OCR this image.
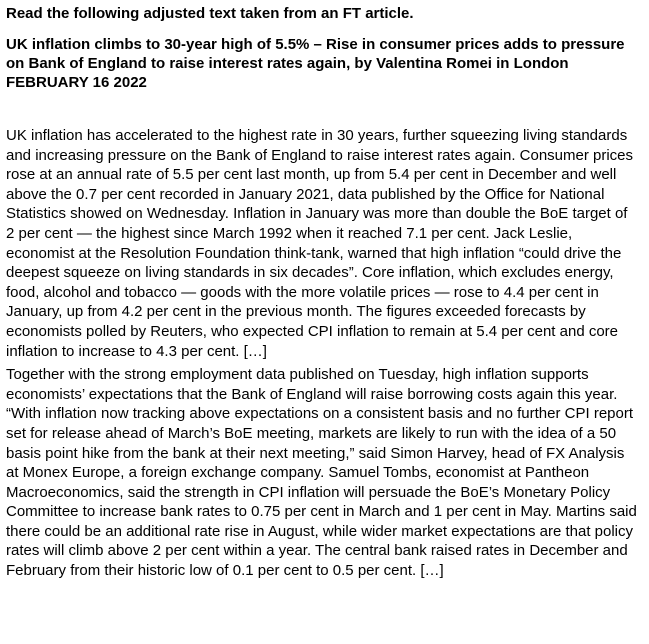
Read the following adjusted text taken from an FT article.

UK inflation climbs to 30-year high of 5.5% – Rise in consumer prices adds to pressure on Bank of England to raise interest rates again, by Valentina Romei in London FEBRUARY 16 2022

UK inflation has accelerated to the highest rate in 30 years, further squeezing living standards and increasing pressure on the Bank of England to raise interest rates again. Consumer prices rose at an annual rate of 5.5 per cent last month, up from 5.4 per cent in December and well above the 0.7 per cent recorded in January 2021, data published by the Office for National Statistics showed on Wednesday. Inflation in January was more than double the BoE target of 2 per cent — the highest since March 1992 when it reached 7.1 per cent. Jack Leslie, economist at the Resolution Foundation think-tank, warned that high inflation “could drive the deepest squeeze on living standards in six decades”. Core inflation, which excludes energy, food, alcohol and tobacco — goods with the more volatile prices — rose to 4.4 per cent in January, up from 4.2 per cent in the previous month. The figures exceeded forecasts by economists polled by Reuters, who expected CPI inflation to remain at 5.4 per cent and core inflation to increase to 4.3 per cent. […]

Together with the strong employment data published on Tuesday, high inflation supports economists’ expectations that the Bank of England will raise borrowing costs again this year. “With inflation now tracking above expectations on a consistent basis and no further CPI report set for release ahead of March’s BoE meeting, markets are likely to run with the idea of a 50 basis point hike from the bank at their next meeting,” said Simon Harvey, head of FX Analysis at Monex Europe, a foreign exchange company. Samuel Tombs, economist at Pantheon Macroeconomics, said the strength in CPI inflation will persuade the BoE’s Monetary Policy Committee to increase bank rates to 0.75 per cent in March and 1 per cent in May. Martins said there could be an additional rate rise in August, while wider market expectations are that policy rates will climb above 2 per cent within a year. The central bank raised rates in December and February from their historic low of 0.1 per cent to 0.5 per cent. […]
